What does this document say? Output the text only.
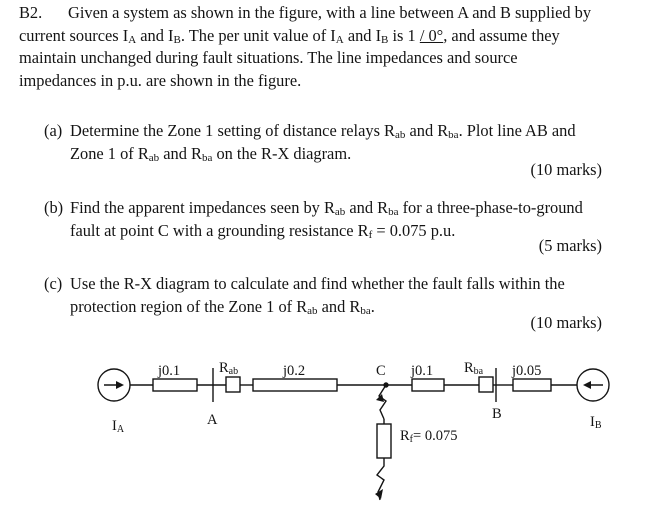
B2. Given a system as shown in the figure, with a line between A and B supplied by
current sources $I_A$ and $I_B$. The per unit value of $I_A$ and $I_B$ is 1 / 0°, and assume they
maintain unchanged during fault situations. The line impedances and source
impedances in p.u. are shown in the figure.
(a) Determine the Zone 1 setting of distance relays $R_{ab}$ and $R_{ba}$. Plot line AB and
Zone 1 of $R_{ab}$ and $R_{ba}$ on the R-X diagram.
(10 marks)
(b) Find the apparent impedances seen by $R_{ab}$ and $R_{ba}$ for a three-phase-to-ground
fault at point C with a grounding resistance $R_f = 0.075$ p.u.
(5 marks)
(c) Use the R-X diagram to calculate and find whether the fault falls within the
protection region of the Zone 1 of $R_{ab}$ and $R_{ba}$.
(10 marks)
j0.1	Rab	j0.2	C j0.1 Rba j0.05
A	B
IA	IB
Rf= 0.075
